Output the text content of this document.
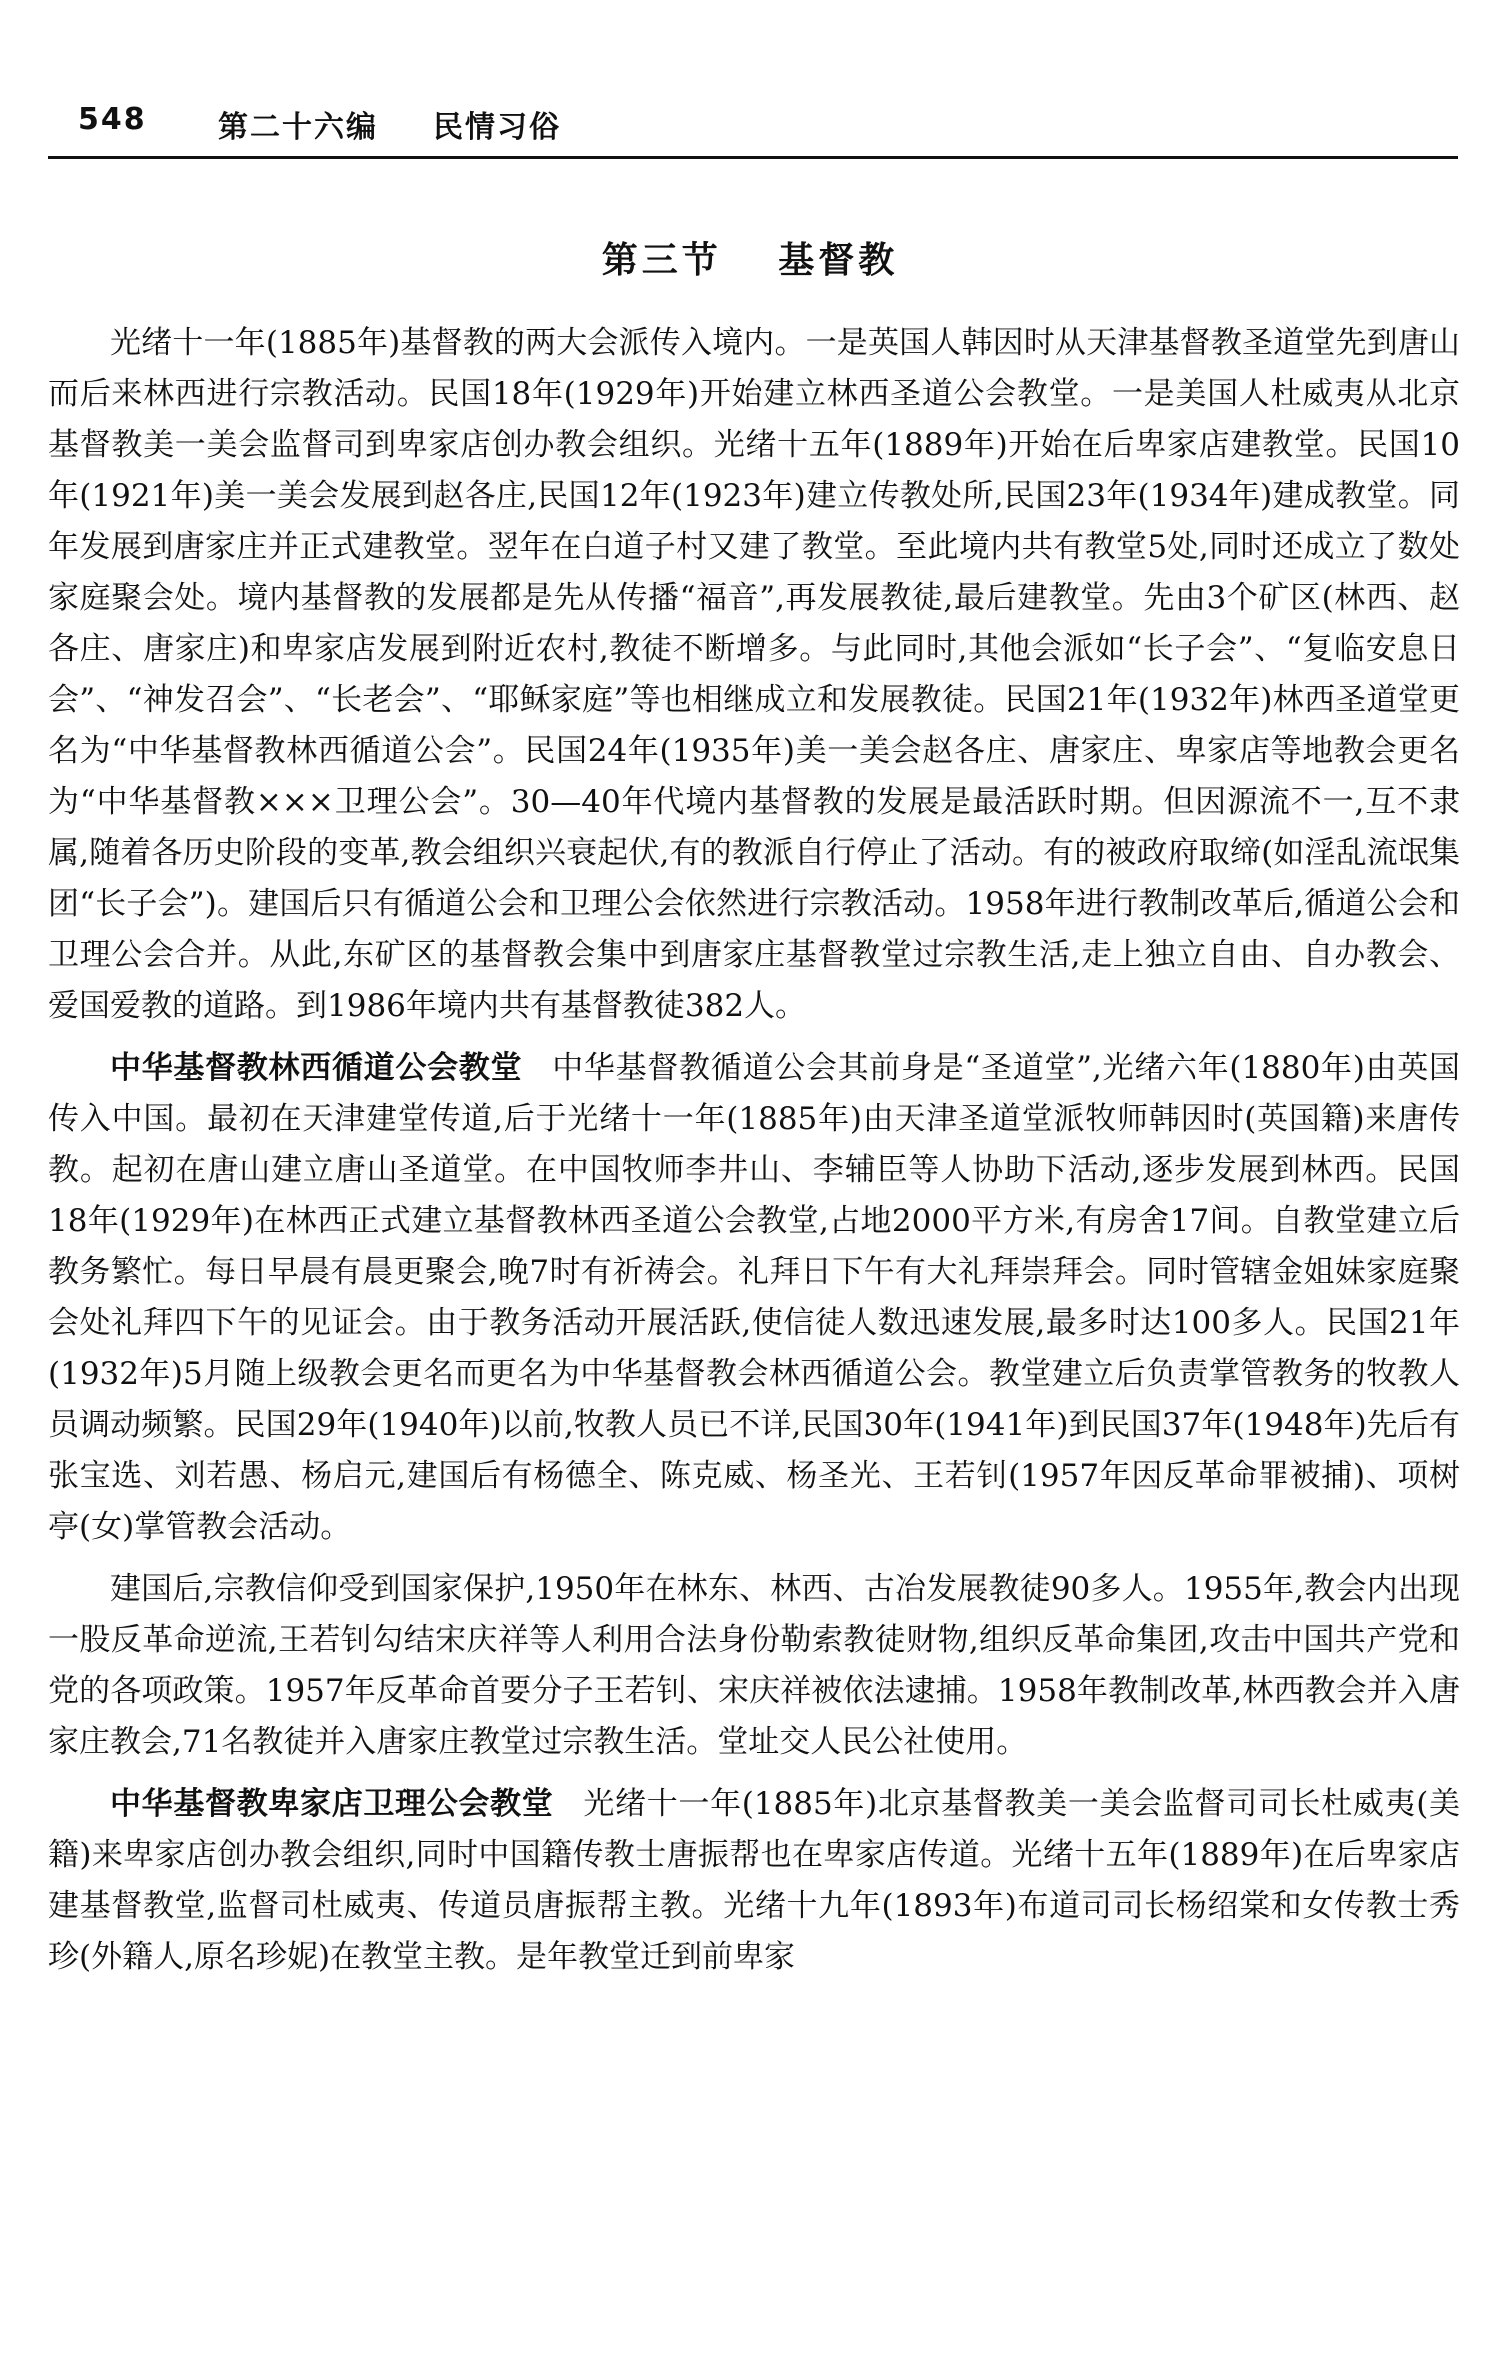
548 第二十六编 民情习俗
第三节 基督教

光绪十一年(1885年)基督教的两大会派传入境内。一是英国人韩因时从天津基督教圣道堂先到唐山而后来林西进行宗教活动。民国18年(1929年)开始建立林西圣道公会教堂。一是美国人杜威夷从北京基督教美一美会监督司到卑家店创办教会组织。光绪十五年(1889年)开始在后卑家店建教堂。民国10年(1921年)美一美会发展到赵各庄,民国12年(1923年)建立传教处所,民国23年(1934年)建成教堂。同年发展到唐家庄并正式建教堂。翌年在白道子村又建了教堂。至此境内共有教堂5处,同时还成立了数处家庭聚会处。境内基督教的发展都是先从传播“福音”,再发展教徒,最后建教堂。先由3个矿区(林西、赵各庄、唐家庄)和卑家店发展到附近农村,教徒不断增多。与此同时,其他会派如“长子会”、“复临安息日会”、“神发召会”、“长老会”、“耶稣家庭”等也相继成立和发展教徒。民国21年(1932年)林西圣道堂更名为“中华基督教林西循道公会”。民国24年(1935年)美一美会赵各庄、唐家庄、卑家店等地教会更名为“中华基督教×××卫理公会”。30—40年代境内基督教的发展是最活跃时期。但因源流不一,互不隶属,随着各历史阶段的变革,教会组织兴衰起伏,有的教派自行停止了活动。有的被政府取缔(如淫乱流氓集团“长子会”)。建国后只有循道公会和卫理公会依然进行宗教活动。1958年进行教制改革后,循道公会和卫理公会合并。从此,东矿区的基督教会集中到唐家庄基督教堂过宗教生活,走上独立自由、自办教会、爱国爱教的道路。到1986年境内共有基督教徒382人。

中华基督教林西循道公会教堂 中华基督教循道公会其前身是“圣道堂”,光绪六年(1880年)由英国传入中国。最初在天津建堂传道,后于光绪十一年(1885年)由天津圣道堂派牧师韩因时(英国籍)来唐传教。起初在唐山建立唐山圣道堂。在中国牧师李井山、李辅臣等人协助下活动,逐步发展到林西。民国18年(1929年)在林西正式建立基督教林西圣道公会教堂,占地2000平方米,有房舍17间。自教堂建立后教务繁忙。每日早晨有晨更聚会,晚7时有祈祷会。礼拜日下午有大礼拜崇拜会。同时管辖金姐妹家庭聚会处礼拜四下午的见证会。由于教务活动开展活跃,使信徒人数迅速发展,最多时达100多人。民国21年(1932年)5月随上级教会更名而更名为中华基督教会林西循道公会。教堂建立后负责掌管教务的牧教人员调动频繁。民国29年(1940年)以前,牧教人员已不详,民国30年(1941年)到民国37年(1948年)先后有张宝选、刘若愚、杨启元,建国后有杨德全、陈克威、杨圣光、王若钊(1957年因反革命罪被捕)、项树亭(女)掌管教会活动。

建国后,宗教信仰受到国家保护,1950年在林东、林西、古冶发展教徒90多人。1955年,教会内出现一股反革命逆流,王若钊勾结宋庆祥等人利用合法身份勒索教徒财物,组织反革命集团,攻击中国共产党和党的各项政策。1957年反革命首要分子王若钊、宋庆祥被依法逮捕。1958年教制改革,林西教会并入唐家庄教会,71名教徒并入唐家庄教堂过宗教生活。堂址交人民公社使用。

中华基督教卑家店卫理公会教堂 光绪十一年(1885年)北京基督教美一美会监督司司长杜威夷(美籍)来卑家店创办教会组织,同时中国籍传教士唐振帮也在卑家店传道。光绪十五年(1889年)在后卑家店建基督教堂,监督司杜威夷、传道员唐振帮主教。光绪十九年(1893年)布道司司长杨绍棠和女传教士秀珍(外籍人,原名珍妮)在教堂主教。是年教堂迁到前卑家
